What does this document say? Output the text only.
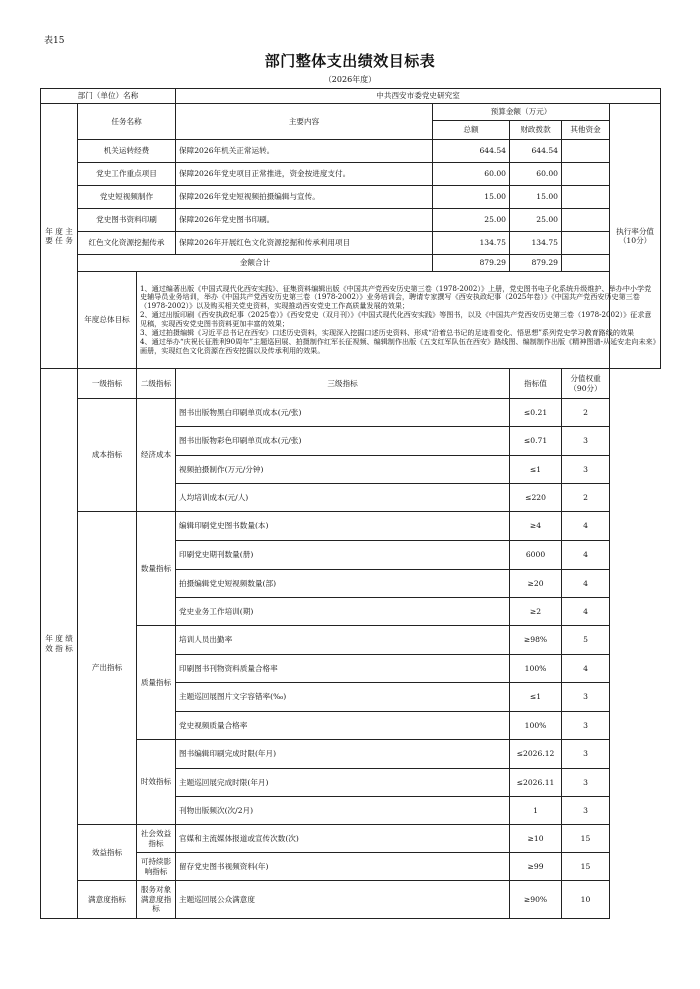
表15
部门整体支出绩效目标表
（2026年度）
部门（单位）名称			中共西安市委党史研究室				
年 度 主 要 任 务	任务名称		主要内容	预算金额（万元）			执行率分值（10分）
				总额	财政拨款	其他资金	
	机关运转经费		保障2026年机关正常运转。	644.54	644.54		
	党史工作重点项目		保障2026年党史项目正常推进，资金按进度支付。	60.00	60.00		
	党史短视频制作		保障2026年党史短视频拍摄编辑与宣传。	15.00	15.00		
	党史图书资料印刷		保障2026年党史图书印刷。	25.00	25.00		
	红色文化资源挖掘传承		保障2026年开展红色文化资源挖掘和传承利用项目	134.75	134.75		
	金额合计			879.29	879.29		
	年度总体目标	1、通过编著出版《中国式现代化西安实践》、征集资料编辑出版《中国共产党西安历史第三卷（1978-2002）》上册，党史图书电子化系统升级维护、举办中小学党史辅导员业务培训，举办《中国共产党西安历史第三卷（1978-2002）》业务培训会，聘请专家撰写《西安执政纪事（2025年卷）》《中国共产党西安历史第三卷（1978-2002）》以及购买相关党史资料，实现推动西安党史工作高质量发展的效果；
2、通过出版印刷《西安执政纪事（2025卷）》《西安党史（双月刊）》《中国式现代化西安实践》等图书，以及《中国共产党西安历史第三卷（1978-2002）》征求意见稿，实现西安党史图书资料更加丰富的效果；
3、通过拍摄编辑《习近平总书记在西安》口述历史资料，实现深入挖掘口述历史资料、形成“沿着总书记的足迹看变化、悟思想”系列党史学习教育路线的效果
4、通过举办“庆祝长征胜利90周年”主题巡回展、拍摄制作红军长征视频、编辑制作出版《五支红军队伍在西安》路线图、编制制作出版《精神图谱-从延安走向未来》画册，实现红色文化资源在西安挖掘以及传承利用的效果。					

年 度 绩 效 指 标	一级指标	二级指标	三级指标		指标值	分值权重（90分）	
	成本指标	经济成本	图书出版物黑白印刷单页成本(元/张)		≤0.21	2	
			图书出版物彩色印刷单页成本(元/张)		≤0.71	3	
			视频拍摄制作(万元/分钟)		≤1	3	
			人均培训成本(元/人)		≤220	2	
	产出指标	数量指标	编辑印刷党史图书数量(本)		≥4	4	
			印刷党史期刊数量(册)		6000	4	
			拍摄编辑党史短视频数量(部)		≥20	4	
			党史业务工作培训(期)		≥2	4	
		质量指标	培训人员出勤率		≥98%	5	
			印刷图书刊物资料质量合格率		100%	4	
			主题巡回展图片文字容错率(‰)		≤1	3	
			党史视频质量合格率		100%	3	
		时效指标	图书编辑印刷完成时限(年月)		≤2026.12	3	
			主题巡回展完成时限(年月)		≤2026.11	3	
			刊物出版频次(次/2月)		1	3	
	效益指标	社会效益指标	官媒和主流媒体报道或宣传次数(次)		≥10	15	
		可持续影响指标	留存党史图书视频资料(年)		≥99	15	
	满意度指标	服务对象满意度指标	主题巡回展公众满意度		≥90%	10	
